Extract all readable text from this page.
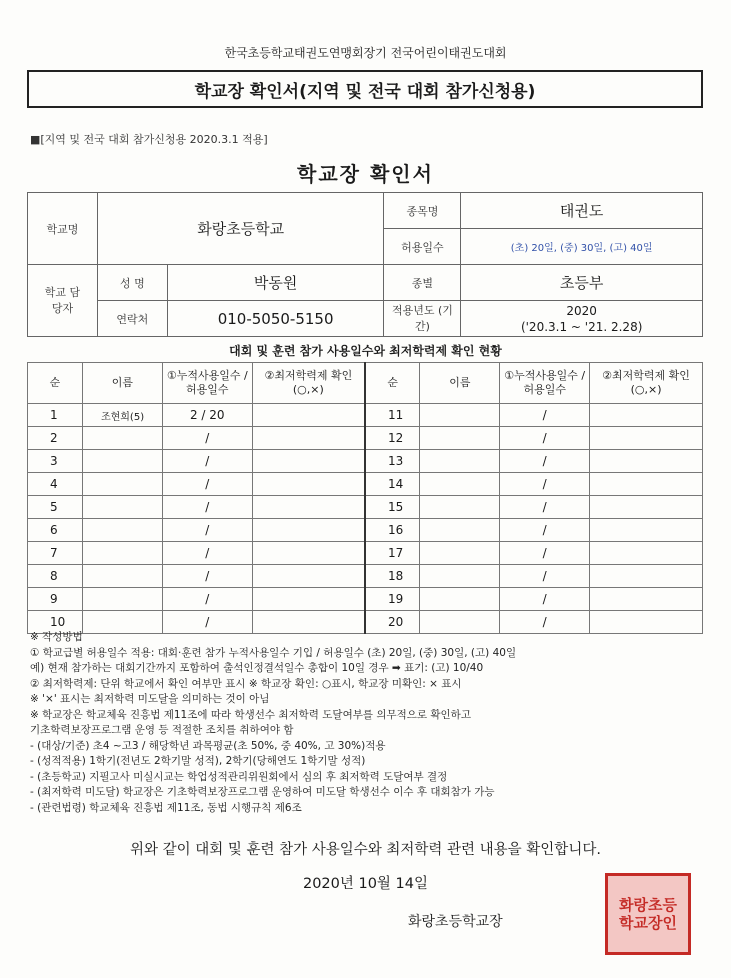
한국초등학교태권도연맹회장기 전국어린이태권도대회
학교장 확인서(지역 및 전국 대회 참가신청용)
■[지역 및 전국 대회 참가신청용 2020.3.1 적용]
학교장 확인서
학교명	화랑초등학교		종목명	태권도
			허용일수	(초) 20일, (중) 30일, (고) 40일
학교 담당자	성 명	박동원	종별	초등부
	연락처	010-5050-5150	적용년도 (기간)	2020
('20.3.1 ~ '21. 2.28)
대회 및 훈련 참가 사용일수와 최저학력제 확인 현황
순	이름	①누적사용일수 /허용일수	②최저학력제 확인(○,×)	순	이름	①누적사용일수 /허용일수	②최저학력제 확인(○,×)
1	조현희(5)	2 / 20		11		/	
2		/		12		/	
3		/		13		/	
4		/		14		/	
5		/		15		/	
6		/		16		/	
7		/		17		/	
8		/		18		/	
9		/		19		/	
10		/		20		/	
※ 작성방법
① 학교급별 허용일수 적용: 대회·훈련 참가 누적사용일수 기입 / 허용일수 (초) 20일, (중) 30일, (고) 40일
예) 현재 참가하는 대회기간까지 포함하여 출석인정결석일수 총합이 10일 경우 ➡ 표기: (고) 10/40
② 최저학력제: 단위 학교에서 확인 여부만 표시 ※ 학교장 확인: ○표시, 학교장 미확인: × 표시
※ '×' 표시는 최저학력 미도달을 의미하는 것이 아님
※ 학교장은 학교체육 진흥법 제11조에 따라 학생선수 최저학력 도달여부를 의무적으로 확인하고
기초학력보장프로그램 운영 등 적절한 조치를 취하여야 함
- (대상/기준) 초4 ~고3 / 해당학년 과목평균(초 50%, 중 40%, 고 30%)적용
- (성적적용) 1학기(전년도 2학기말 성적), 2학기(당해연도 1학기말 성적)
- (초등학교) 지필고사 미실시교는 학업성적관리위원회에서 심의 후 최저학력 도달여부 결정
- (최저학력 미도달) 학교장은 기초학력보장프로그램 운영하여 미도달 학생선수 이수 후 대회참가 가능
- (관련법령) 학교체육 진흥법 제11조, 동법 시행규칙 제6조
위와 같이 대회 및 훈련 참가 사용일수와 최저학력 관련 내용을 확인합니다.
2020년 10월 14일
화랑초등학교장
화랑초등학교장인
